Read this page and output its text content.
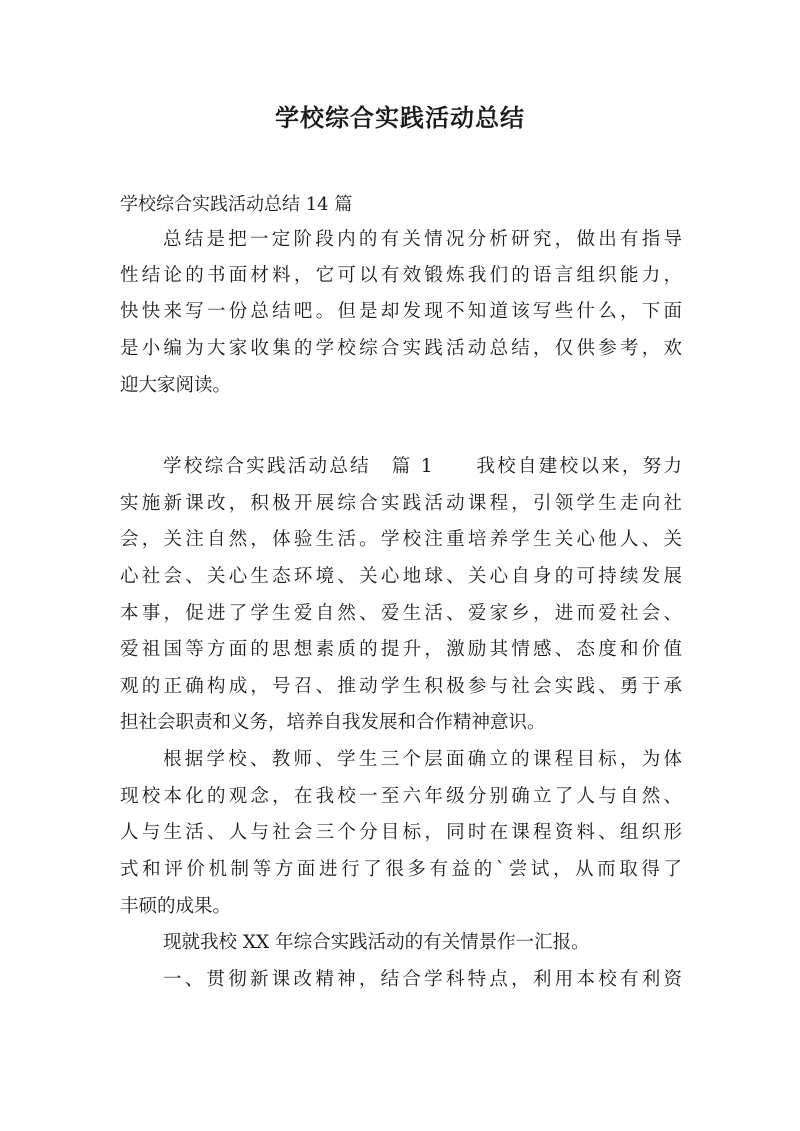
学校综合实践活动总结

学校综合实践活动总结 14 篇

总结是把一定阶段内的有关情况分析研究，做出有指导

性结论的书面材料，它可以有效锻炼我们的语言组织能力，

快快来写一份总结吧。但是却发现不知道该写些什么，下面

是小编为大家收集的学校综合实践活动总结，仅供参考，欢

迎大家阅读。

学校综合实践活动总结　篇 1　　我校自建校以来，努力

实施新课改，积极开展综合实践活动课程，引领学生走向社

会，关注自然，体验生活。学校注重培养学生关心他人、关

心社会、关心生态环境、关心地球、关心自身的可持续发展

本事，促进了学生爱自然、爱生活、爱家乡，进而爱社会、

爱祖国等方面的思想素质的提升，激励其情感、态度和价值

观的正确构成，号召、推动学生积极参与社会实践、勇于承

担社会职责和义务，培养自我发展和合作精神意识。

根据学校、教师、学生三个层面确立的课程目标，为体

现校本化的观念，在我校一至六年级分别确立了人与自然、

人与生活、人与社会三个分目标，同时在课程资料、组织形

式和评价机制等方面进行了很多有益的`尝试，从而取得了

丰硕的成果。

现就我校 XX 年综合实践活动的有关情景作一汇报。

一、贯彻新课改精神，结合学科特点，利用本校有利资
